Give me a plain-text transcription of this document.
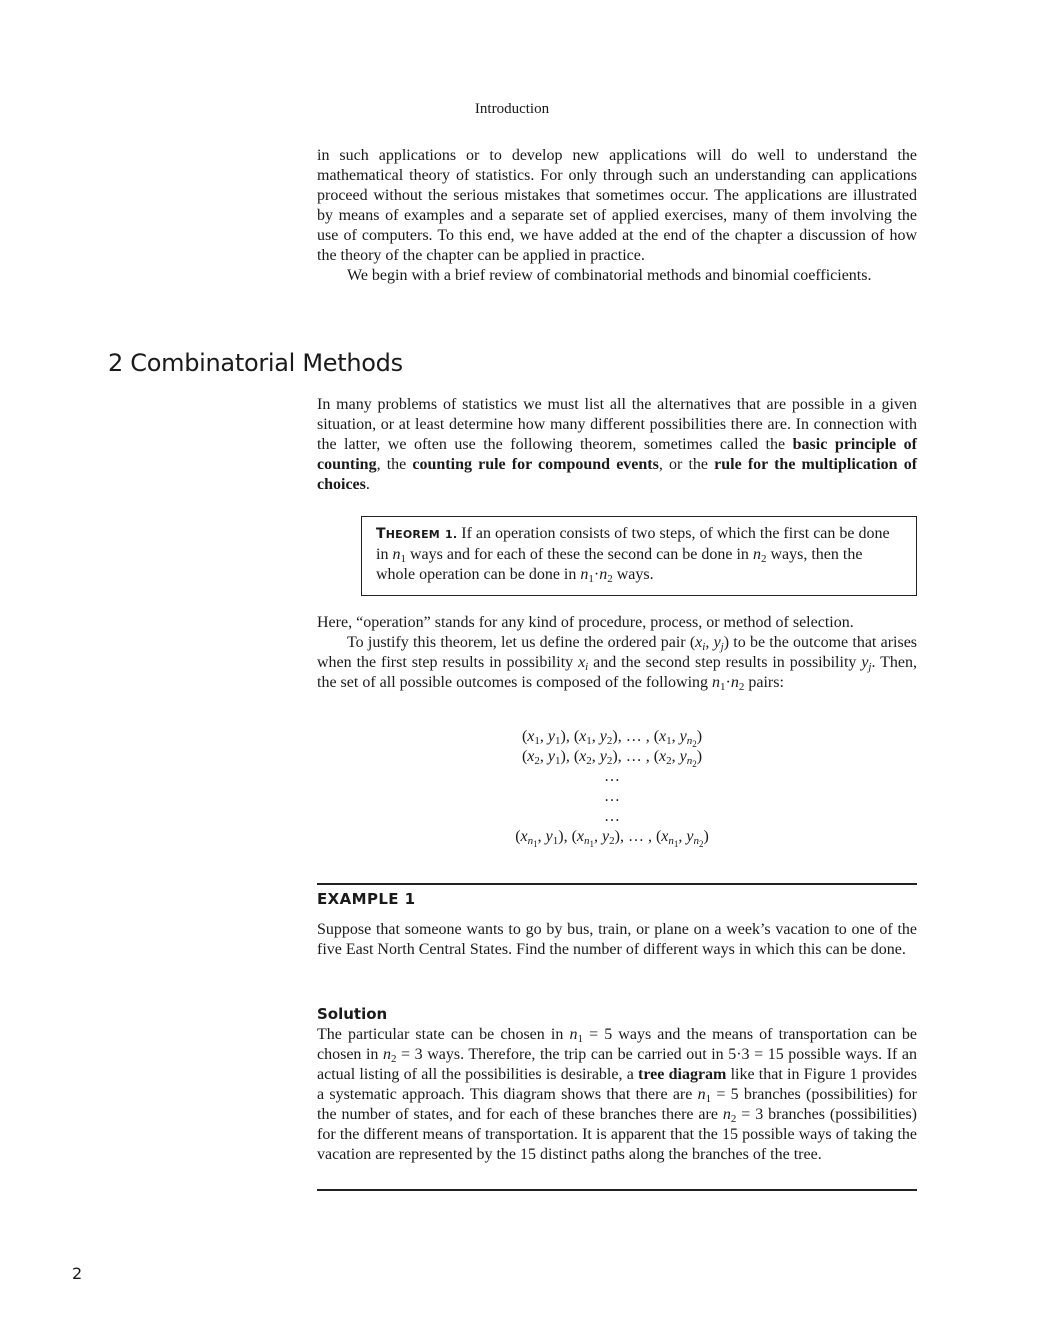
Introduction

in such applications or to develop new applications will do well to understand the mathematical theory of statistics. For only through such an understanding can applications proceed without the serious mistakes that sometimes occur. The applications are illustrated by means of examples and a separate set of applied exercises, many of them involving the use of computers. To this end, we have added at the end of the chapter a discussion of how the theory of the chapter can be applied in practice.

We begin with a brief review of combinatorial methods and binomial coefficients.

2 Combinatorial Methods

In many problems of statistics we must list all the alternatives that are possible in a given situation, or at least determine how many different possibilities there are. In connection with the latter, we often use the following theorem, sometimes called the basic principle of counting, the counting rule for compound events, or the rule for the multiplication of choices.

THEOREM 1. If an operation consists of two steps, of which the first can be done in $n_1$ ways and for each of these the second can be done in $n_2$ ways, then the whole operation can be done in $n_1\cdot n_2$ ways.

Here, “operation” stands for any kind of procedure, process, or method of selection.

To justify this theorem, let us define the ordered pair ($x_i$, $y_j$) to be the outcome that arises when the first step results in possibility $x_i$ and the second step results in possibility $y_j$. Then, the set of all possible outcomes is composed of the following $n_1\cdot n_2$ pairs:

($x_1$, $y_1$), ($x_1$, $y_2$), … , ($x_1$, $y_{n_2}$)
($x_2$, $y_1$), ($x_2$, $y_2$), … , ($x_2$, $y_{n_2}$)
…
…
…
($x_{n_1}$, $y_1$), ($x_{n_1}$, $y_2$), … , ($x_{n_1}$, $y_{n_2}$)
EXAMPLE 1

Suppose that someone wants to go by bus, train, or plane on a week’s vacation to one of the five East North Central States. Find the number of different ways in which this can be done.

Solution

The particular state can be chosen in $n_1 = 5$ ways and the means of transportation can be chosen in $n_2 = 3$ ways. Therefore, the trip can be carried out in 5·3 = 15 possible ways. If an actual listing of all the possibilities is desirable, a tree diagram like that in Figure 1 provides a systematic approach. This diagram shows that there are $n_1 = 5$ branches (possibilities) for the number of states, and for each of these branches there are $n_2 = 3$ branches (possibilities) for the different means of transportation. It is apparent that the 15 possible ways of taking the vacation are represented by the 15 distinct paths along the branches of the tree.

2
